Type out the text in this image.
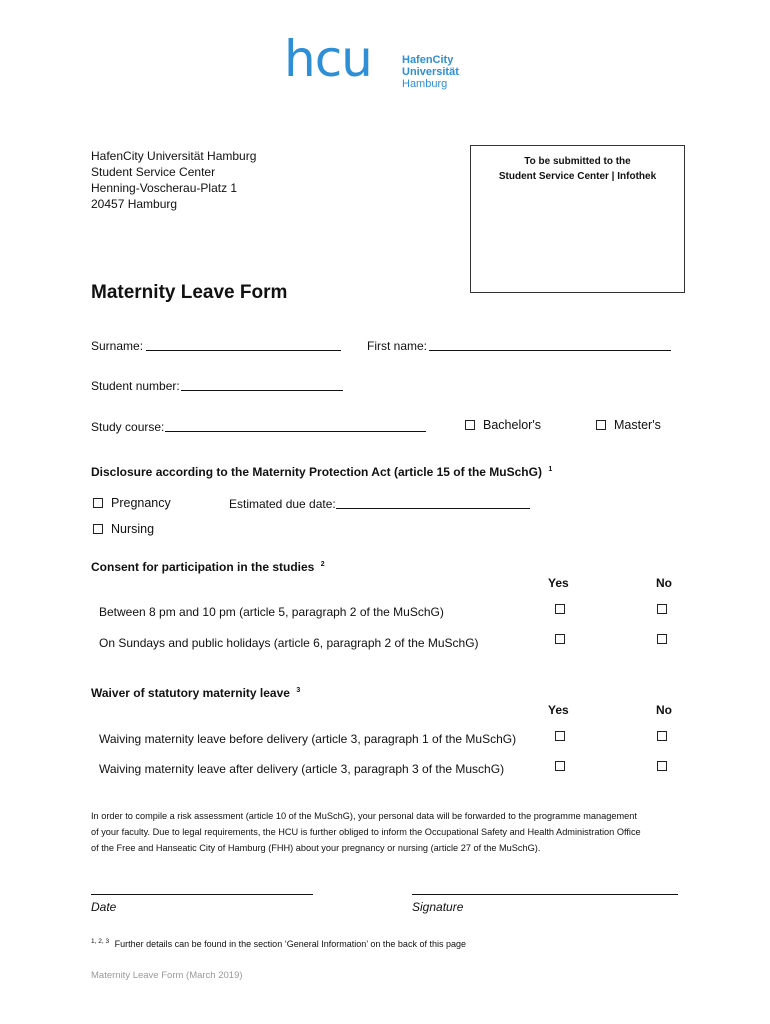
hcu	HafenCity
Universität
Hamburg
HafenCity Universität Hamburg
Student Service Center
Henning-Voscherau-Platz 1
20457 Hamburg
To be submitted to the
Student Service Center | Infothek
Maternity Leave Form
Surname:	First name:
Student number:
Study course:	Bachelor's	Master's
Disclosure according to the Maternity Protection Act (article 15 of the MuSchG) $^1$
Pregnancy	Estimated due date:
Nursing
Consent for participation in the studies $^2$
Yes	No
Between 8 pm and 10 pm (article 5, paragraph 2 of the MuSchG)
On Sundays and public holidays (article 6, paragraph 2 of the MuSchG)
Waiver of statutory maternity leave $^3$
Yes	No
Waiving maternity leave before delivery (article 3, paragraph 1 of the MuSchG)
Waiving maternity leave after delivery (article 3, paragraph 3 of the MuschG)
In order to compile a risk assessment (article 10 of the MuSchG), your personal data will be forwarded to the programme management
of your faculty. Due to legal requirements, the HCU is further obliged to inform the Occupational Safety and Health Administration Office
of the Free and Hanseatic City of Hamburg (FHH) about your pregnancy or nursing (article 27 of the MuSchG).
Date	Signature
$^{1, 2, 3}$ Further details can be found in the section ‘General Information’ on the back of this page
Maternity Leave Form (March 2019)
